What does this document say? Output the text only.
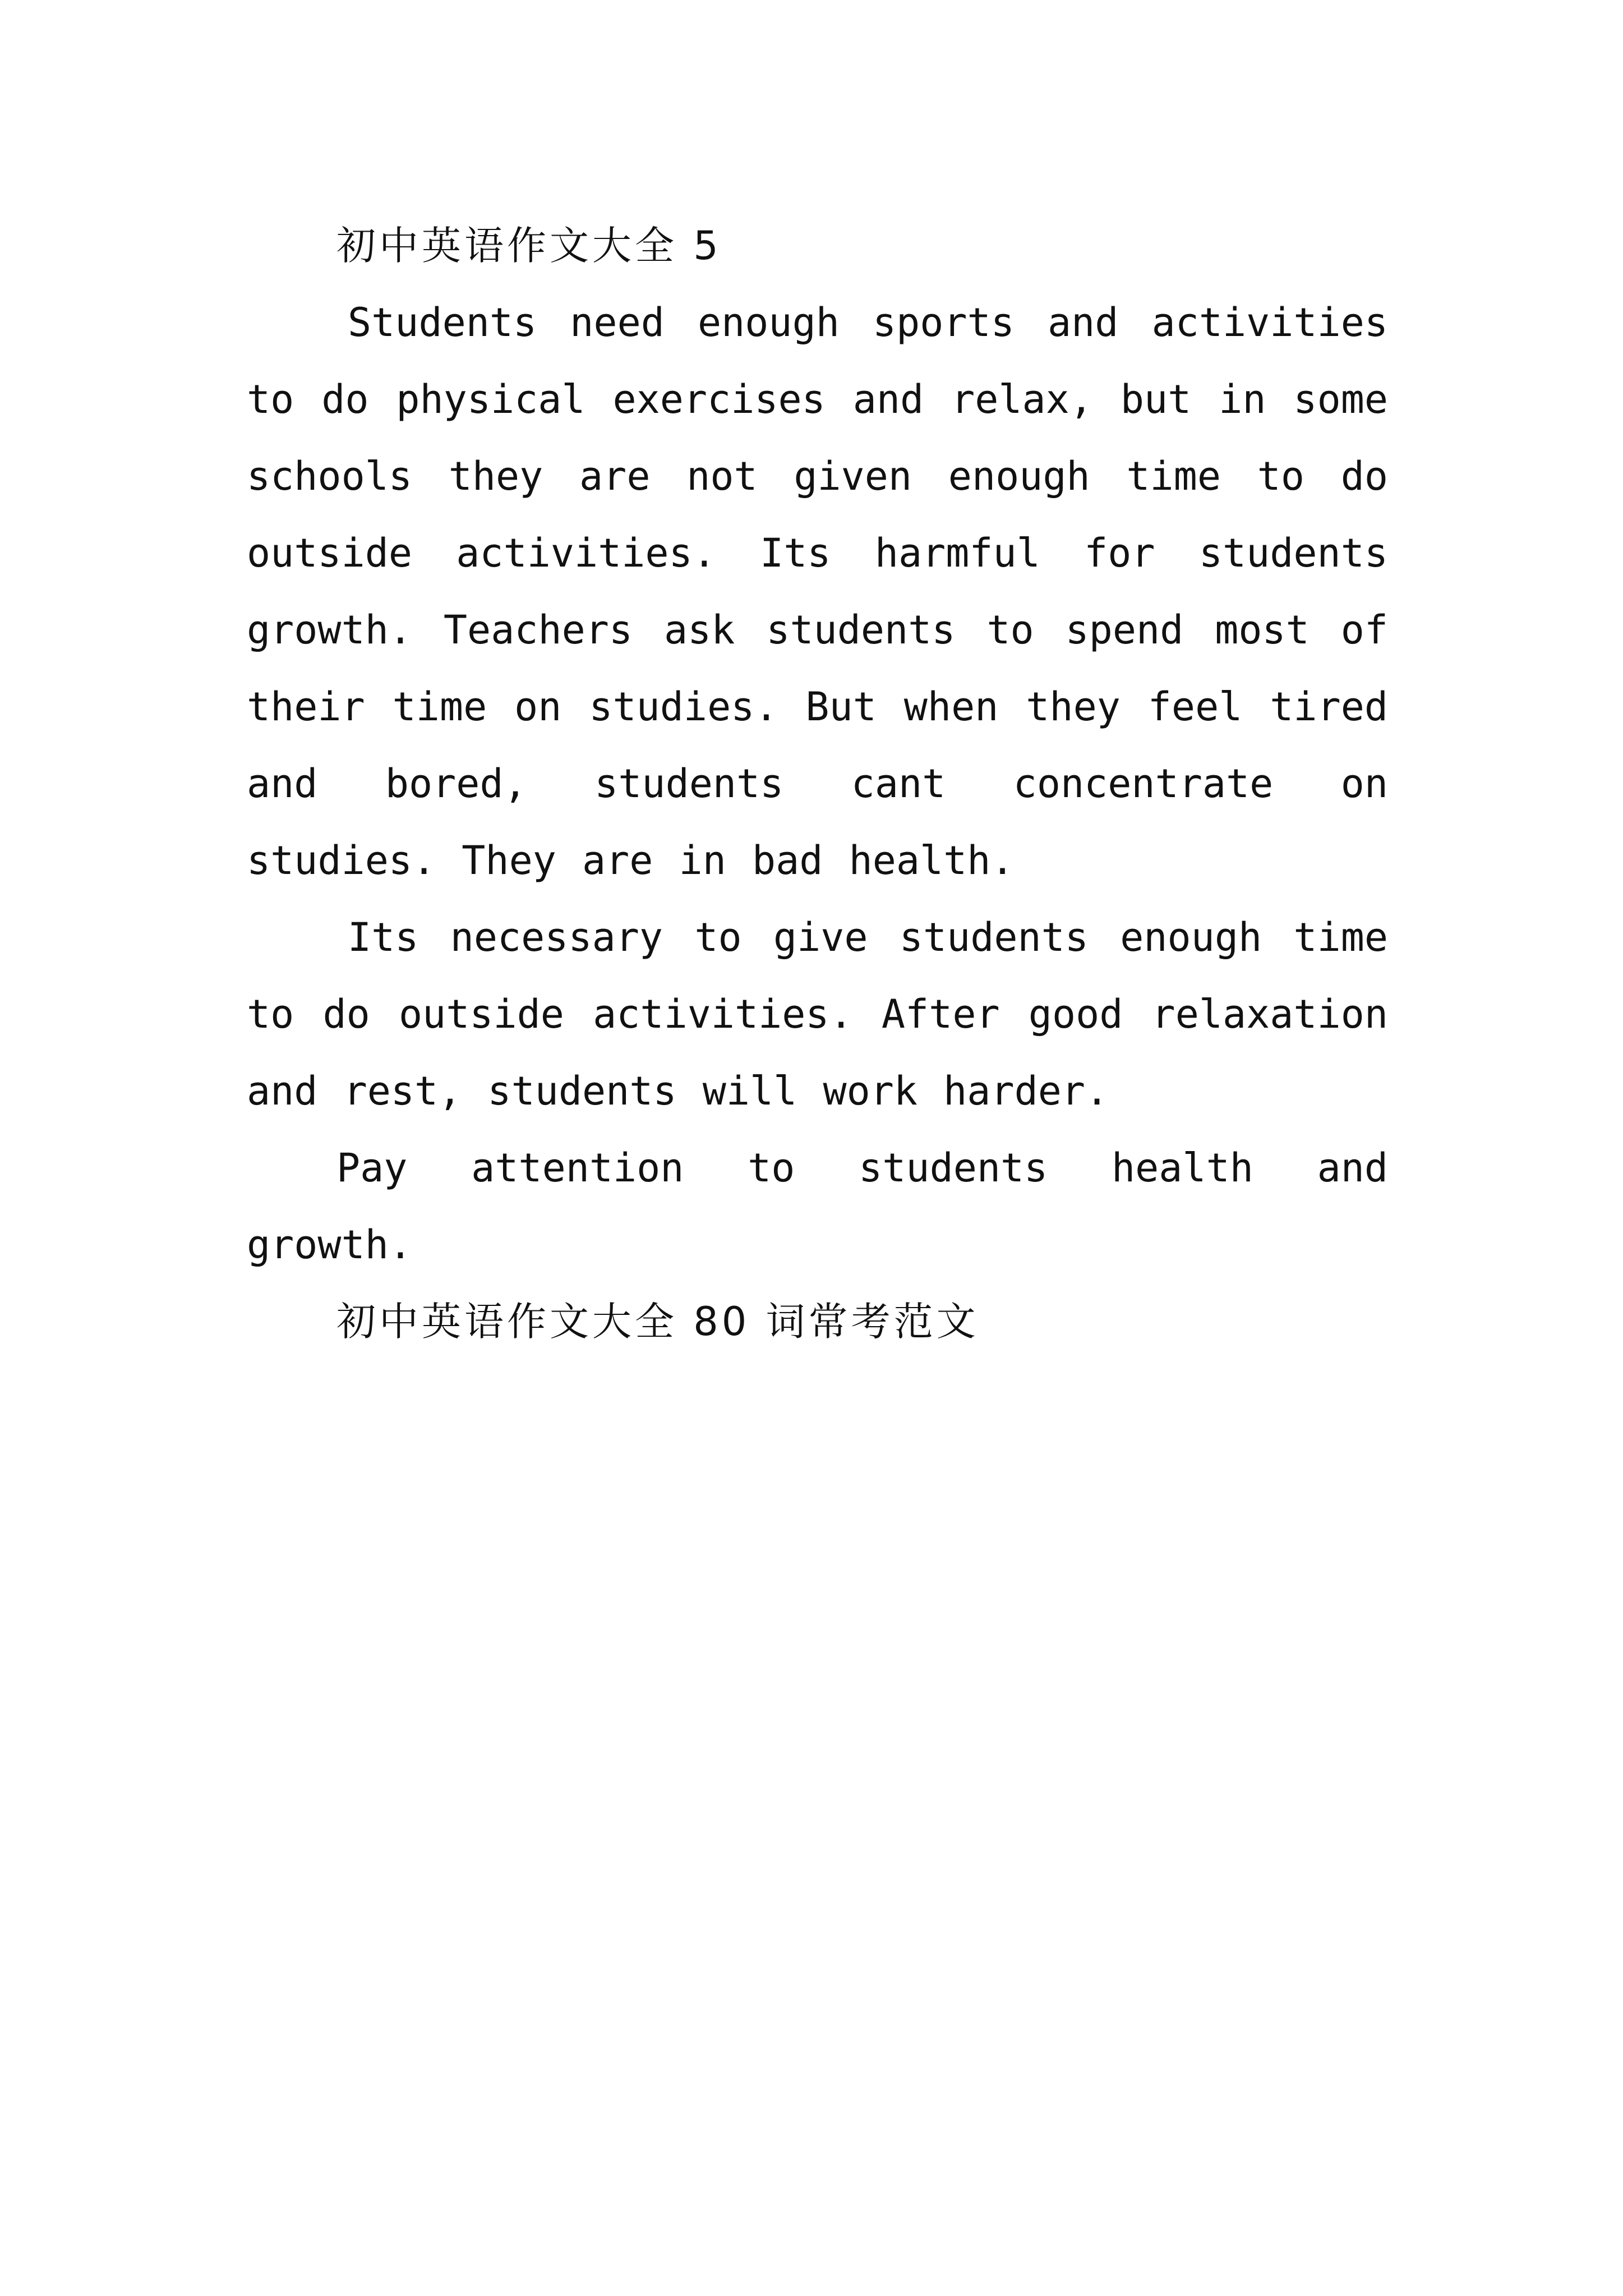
初中英语作文大全 5

Students need enough sports and activities to do physical exercises and relax, but in some schools they are not given enough time to do outside activities. Its harmful for students growth. Teachers ask students to spend most of their time on studies. But when they feel tired and bored, students cant concentrate on studies. They are in bad health.

Its necessary to give students enough time to do outside activities. After good relaxation and rest, students will work harder.

Pay attention to students health and growth.

初中英语作文大全 80 词常考范文
